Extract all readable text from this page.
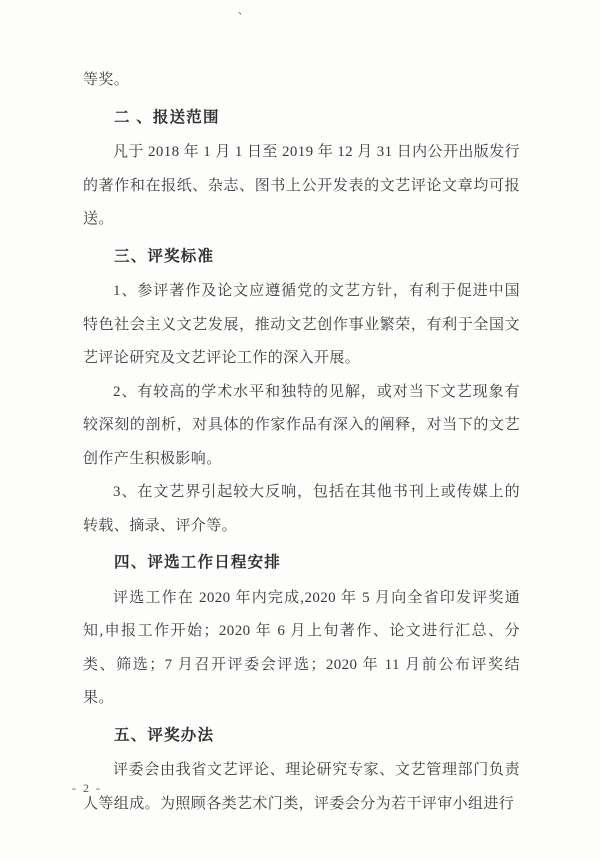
、

等奖。

二 、报送范围

凡于 2018 年 1 月 1 日至 2019 年 12 月 31 日内公开出版发行的著作和在报纸、杂志、图书上公开发表的文艺评论文章均可报送。

三、评奖标准

1、参评著作及论文应遵循党的文艺方针，有利于促进中国特色社会主义文艺发展，推动文艺创作事业繁荣，有利于全国文艺评论研究及文艺评论工作的深入开展。

2、有较高的学术水平和独特的见解，或对当下文艺现象有较深刻的剖析，对具体的作家作品有深入的阐释，对当下的文艺创作产生积极影响。

3、在文艺界引起较大反响，包括在其他书刊上或传媒上的转载、摘录、评介等。

四、评选工作日程安排

评选工作在 2020 年内完成,2020 年 5 月向全省印发评奖通知,申报工作开始；2020 年 6 月上旬著作、论文进行汇总、分类、筛选；7 月召开评委会评选；2020 年 11 月前公布评奖结果。

五、评奖办法

评委会由我省文艺评论、理论研究专家、文艺管理部门负责人等组成。为照顾各类艺术门类，评委会分为若干评审小组进行

- 2 -
